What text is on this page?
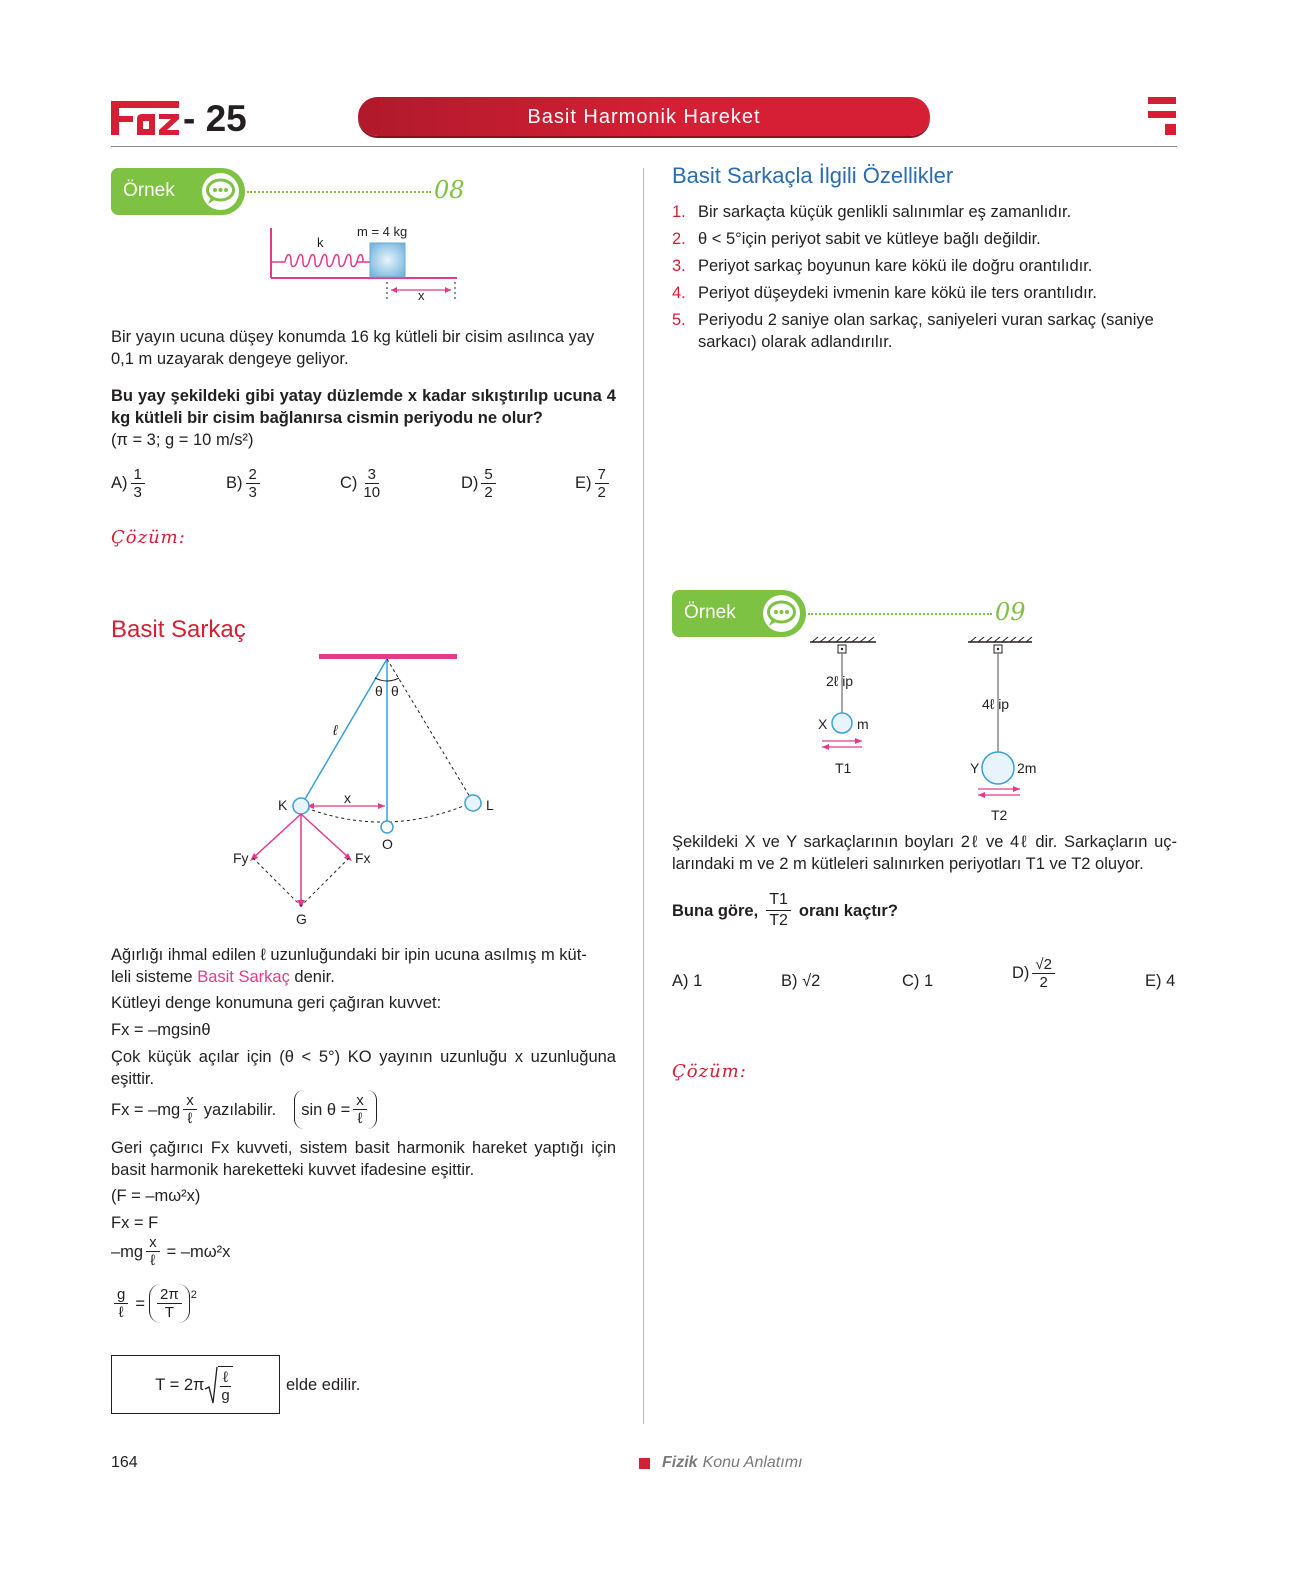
- 25	Basit Harmonik Hareket
Örnek	08
k
m = 4 kg
x
Bir yayın ucuna düşey konumda 16 kg kütleli bir cisim asılınca yay 0,1 m uzayarak dengeye geliyor.
Bu yay şekildeki gibi yatay düzlemde x kadar sıkıştırılıp ucuna 4 kg kütleli bir cisim bağlanırsa cismin periyodu ne olur?
(π = 3; g = 10 m/s²)
$A) \frac{1}{3}$	$B) \frac{2}{3}$	$C) \frac{3}{10}$	$D) \frac{5}{2}$	$E) \frac{7}{2}$
Çözüm:
Basit Sarkaç
θ θ
ℓ
x
K	L
O
G
Fy	Fx
Ağırlığı ihmal edilen ℓ uzunluğundaki bir ipin ucuna asılmış m küt-
leli sisteme Basit Sarkaç denir.
Kütleyi denge konumuna geri çağıran kuvvet:
Fx = –mgsinθ
Çok küçük açılar için (θ < 5°) KO yayının uzunluğu x uzunluğuna eşittir.
$Fx = -mg \frac{x}{\text{ℓ}}$ yazılabilir. $\sin \theta = \frac{x}{\text{ℓ}}$
Geri çağırıcı Fx kuvveti, sistem basit harmonik hareket yaptığı için basit harmonik hareketteki kuvvet ifadesine eşittir.
(F = –mω²x)
Fx = F
$-mg \frac{x}{\text{ℓ}} = -m\omega^2x$
$\frac{g}{\text{ℓ}} = \frac{2\pi}{T} ^2$
$T = 2\pi \frac{\text{ℓ}}{g}$	elde edilir.
Basit Sarkaçla İlgili Özellikler
1. Bir sarkaçta küçük genlikli salınımlar eş zamanlıdır.
2. θ < 5°için periyot sabit ve kütleye bağlı değildir.
3. Periyot sarkaç boyunun kare kökü ile doğru orantılıdır.
4. Periyot düşeydeki ivmenin kare kökü ile ters orantılıdır.
5. Periyodu 2 saniye olan sarkaç, saniyeleri vuran sarkaç (saniye sarkacı) olarak adlandırılır.
Örnek	09
2ℓ ip
X m
T1
4ℓ ip
Y	2m
T2
Şekildeki X ve Y sarkaçlarının boyları 2ℓ ve 4ℓ dir. Sarkaçların uç-larındaki m ve 2 m kütleleri salınırken periyotları T1 ve T2 oluyor.
Buna göre, $\frac{T1}{T2}$ oranı kaçtır?
A) 1	B) √2	C) 1	$D) \frac{√2}{2}$	E) 4
Çözüm:
164	Fizik Konu Anlatımı
